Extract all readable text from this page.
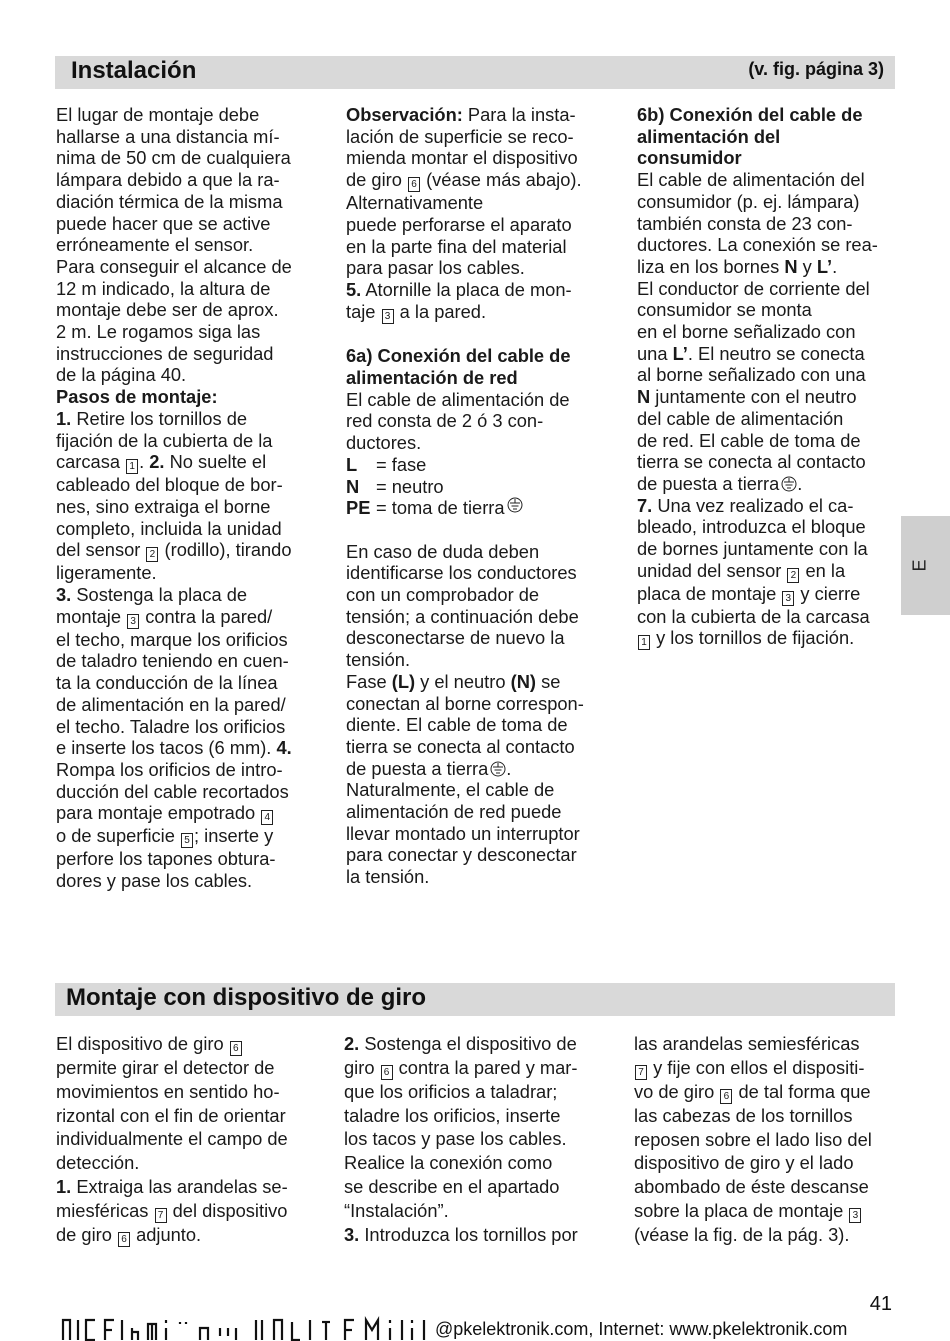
Instalación	(v. fig. página 3)

El lugar de montaje debe

hallarse a una distancia mí-

nima de 50 cm de cualquiera

lámpara debido a que la ra-

diación térmica de la misma

puede hacer que se active

erróneamente el sensor.

Para conseguir el alcance de

12 m indicado, la altura de

montaje debe ser de aprox.

2 m. Le rogamos siga las

instrucciones de seguridad

de la página 40.

Pasos de montaje:

1. Retire los tornillos de

fijación de la cubierta de la

carcasa 1 . 2. No suelte el

cableado del bloque de bor-

nes, sino extraiga el borne

completo, incluida la unidad

del sensor 2 (rodillo), tirando

ligeramente.

3. Sostenga la placa de

montaje 3 contra la pared/

el techo, marque los orificios

de taladro teniendo en cuen-

ta la conducción de la línea

de alimentación en la pared/

el techo. Taladre los orificios

e inserte los tacos (6 mm). 4.

Rompa los orificios de intro-

ducción del cable recortados

para montaje empotrado 4

o de superficie 5 ; inserte y

perfore los tapones obtura-

dores y pase los cables.

Observación: Para la insta-

lación de superficie se reco-

mienda montar el dispositivo

de giro 6 (véase más abajo).

Alternativamente

puede perforarse el aparato

en la parte fina del material

para pasar los cables.

5. Atornille la placa de mon-

taje 3 a la pared.

6a) Conexión del cable de

alimentación de red

El cable de alimentación de

red consta de 2 ó 3 con-

ductores.

L	= fase
N = neutro
PE = toma de tierra

En caso de duda deben

identificarse los conductores

con un comprobador de

tensión; a continuación debe

desconectarse de nuevo la

tensión.

Fase (L) y el neutro (N) se

conectan al borne correspon-

diente. El cable de toma de

tierra se conecta al contacto

de puesta a tierra .

Naturalmente, el cable de

alimentación de red puede

llevar montado un interruptor

para conectar y desconectar

la tensión.

6b) Conexión del cable de

alimentación del

consumidor

El cable de alimentación del

consumidor (p. ej. lámpara)

también consta de 23 con-

ductores. La conexión se rea-

liza en los bornes N y L’.

El conductor de corriente del

consumidor se monta

en el borne señalizado con

una L’. El neutro se conecta

al borne señalizado con una

N juntamente con el neutro

del cable de alimentación

de red. El cable de toma de

tierra se conecta al contacto

de puesta a tierra .

7. Una vez realizado el ca-

bleado, introduzca el bloque

de bornes juntamente con la

unidad del sensor 2 en la

placa de montaje 3 y cierre

con la cubierta de la carcasa

1 y los tornillos de fijación.

E
Montaje con dispositivo de giro

El dispositivo de giro 6

permite girar el detector de

movimientos en sentido ho-

rizontal con el fin de orientar

individualmente el campo de

detección.

1. Extraiga las arandelas se-

miesféricas 7 del dispositivo

de giro 6 adjunto.

2. Sostenga el dispositivo de

giro 6 contra la pared y mar-

que los orificios a taladrar;

taladre los orificios, inserte

los tacos y pase los cables.

Realice la conexión como

se describe en el apartado

“Instalación”.

3. Introduzca los tornillos por

las arandelas semiesféricas

7 y fije con ellos el dispositi-

vo de giro 6 de tal forma que

las cabezas de los tornillos

reposen sobre el lado liso del

dispositivo de giro y el lado

abombado de éste descanse

sobre la placa de montaje 3

(véase la fig. de la pág. 3).

41
@pkelektronik.com, Internet: www.pkelektronik.com
